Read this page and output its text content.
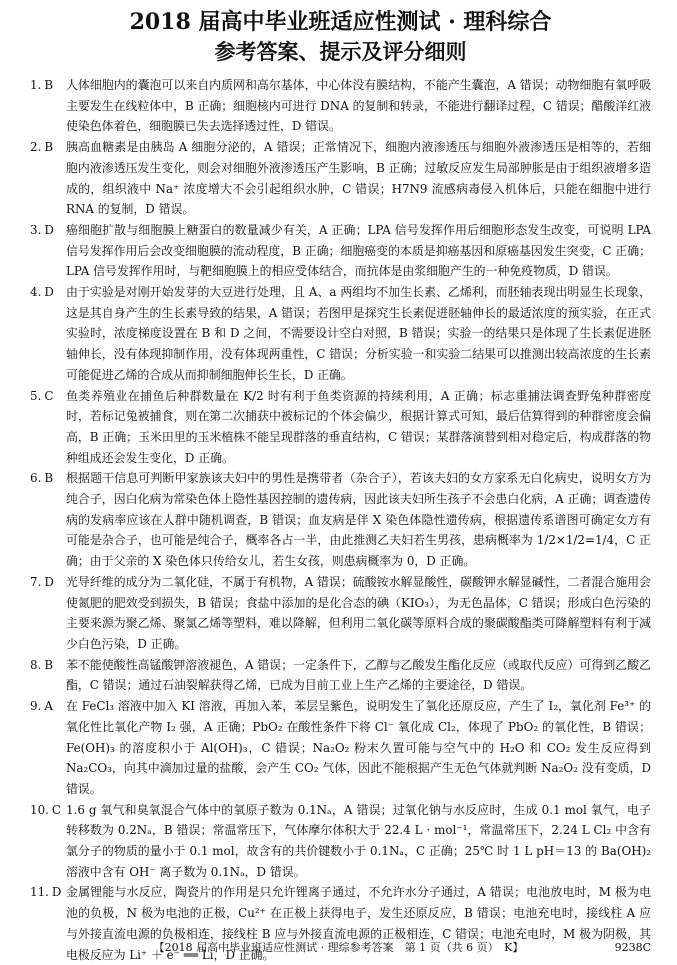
2018 届高中毕业班适应性测试 · 理科综合
参考答案、提示及评分细则

1. B	人体细胞内的囊泡可以来自内质网和高尔基体，中心体没有膜结构，不能产生囊泡，A 错误；动物细胞有氧呼吸主要发生在线粒体中，B 正确；细胞核内可进行 DNA 的复制和转录，不能进行翻译过程，C 错误；醋酸洋红液使染色体着色，细胞膜已失去选择透过性，D 错误。

2. B	胰高血糖素是由胰岛 A 细胞分泌的，A 错误；正常情况下，细胞内液渗透压与细胞外液渗透压是相等的，若细胞内液渗透压发生变化，则会对细胞外液渗透压产生影响，B 正确；过敏反应发生局部肿胀是由于组织液增多造成的，组织液中 Na⁺ 浓度增大不会引起组织水肿，C 错误；H7N9 流感病毒侵入机体后，只能在细胞中进行 RNA 的复制，D 错误。

3. D	癌细胞扩散与细胞膜上糖蛋白的数量减少有关，A 正确；LPA 信号发挥作用后细胞形态发生改变，可说明 LPA 信号发挥作用后会改变细胞膜的流动程度，B 正确；细胞癌变的本质是抑癌基因和原癌基因发生突变，C 正确；LPA 信号发挥作用时，与靶细胞膜上的相应受体结合，而抗体是由浆细胞产生的一种免疫物质，D 错误。

4. D	由于实验是对刚开始发芽的大豆进行处理，且 A、a 两组均不加生长素、乙烯利，而胚轴表现出明显生长现象，这是其自身产生的生长素导致的结果，A 错误；若图甲是探究生长素促进胚轴伸长的最适浓度的预实验，在正式实验时，浓度梯度设置在 B 和 D 之间，不需要设计空白对照，B 错误；实验一的结果只是体现了生长素促进胚轴伸长，没有体现抑制作用，没有体现两重性，C 错误；分析实验一和实验二结果可以推测出较高浓度的生长素可能促进乙烯的合成从而抑制细胞伸长生长，D 正确。

5. C	鱼类养殖业在捕鱼后种群数量在 K/2 时有利于鱼类资源的持续利用，A 正确；标志重捕法调查野兔种群密度时，若标记兔被捕食，则在第二次捕获中被标记的个体会偏少，根据计算式可知，最后估算得到的种群密度会偏高，B 正确；玉米田里的玉米植株不能呈现群落的垂直结构，C 错误；某群落演替到相对稳定后，构成群落的物种组成还会发生变化，D 正确。

6. B	根据题干信息可判断甲家族该夫妇中的男性是携带者（杂合子），若该夫妇的女方家系无白化病史，说明女方为纯合子，因白化病为常染色体上隐性基因控制的遗传病，因此该夫妇所生孩子不会患白化病，A 正确；调查遗传病的发病率应该在人群中随机调查，B 错误；血友病是伴 X 染色体隐性遗传病，根据遗传系谱图可确定女方有可能是杂合子，也可能是纯合子，概率各占一半，由此推测乙夫妇若生男孩，患病概率为 1/2×1/2=1/4，C 正确；由于父亲的 X 染色体只传给女儿，若生女孩，则患病概率为 0，D 正确。

7. D	光导纤维的成分为二氧化硅，不属于有机物，A 错误；硫酸铵水解显酸性，碳酸钾水解显碱性，二者混合施用会使氮肥的肥效受到损失，B 错误；食盐中添加的是化合态的碘（KIO₃），为无色晶体，C 错误；形成白色污染的主要来源为聚乙烯、聚氯乙烯等塑料，难以降解，但利用二氧化碳等原料合成的聚碳酸酯类可降解塑料有利于减少白色污染，D 正确。

8. B	苯不能使酸性高锰酸钾溶液褪色，A 错误；一定条件下，乙醇与乙酸发生酯化反应（或取代反应）可得到乙酸乙酯，C 错误；通过石油裂解获得乙烯，已成为目前工业上生产乙烯的主要途径，D 错误。

9. A	在 FeCl₃ 溶液中加入 KI 溶液，再加入苯，苯层呈紫色，说明发生了氧化还原反应，产生了 I₂，氧化剂 Fe³⁺ 的氧化性比氧化产物 I₂ 强，A 正确；PbO₂ 在酸性条件下将 Cl⁻ 氧化成 Cl₂，体现了 PbO₂ 的氧化性，B 错误；Fe(OH)₃ 的溶度积小于 Al(OH)₃，C 错误；Na₂O₂ 粉末久置可能与空气中的 H₂O 和 CO₂ 发生反应得到 Na₂CO₃，向其中滴加过量的盐酸，会产生 CO₂ 气体，因此不能根据产生无色气体就判断 Na₂O₂ 没有变质，D 错误。

10. C 1.6 g 氧气和臭氧混合气体中的氧原子数为 0.1Nₐ，A 错误；过氧化钠与水反应时，生成 0.1 mol 氧气，电子转移数为 0.2Nₐ，B 错误；常温常压下，气体摩尔体积大于 22.4 L · mol⁻¹，常温常压下，2.24 L Cl₂ 中含有氯分子的物质的量小于 0.1 mol，故含有的共价键数小于 0.1Nₐ，C 正确；25℃ 时 1 L pH＝13 的 Ba(OH)₂ 溶液中含有 OH⁻ 离子数为 0.1Nₐ，D 错误。

11. D 金属锂能与水反应，陶瓷片的作用是只允许锂离子通过，不允许水分子通过，A 错误；电池放电时，M 极为电池的负极，N 极为电池的正极，Cu²⁺ 在正极上获得电子，发生还原反应，B 错误；电池充电时，接线柱 A 应与外接直流电源的负极相连，接线柱 B 应与外接直流电源的正极相连，C 错误；电池充电时，M 极为阴极，其电极反应为 Li⁺ ＋ e⁻ ══ Li，D 正确。

【2018 届高中毕业班适应性测试 · 理综参考答案　第 1 页（共 6 页）　K】	9238C
